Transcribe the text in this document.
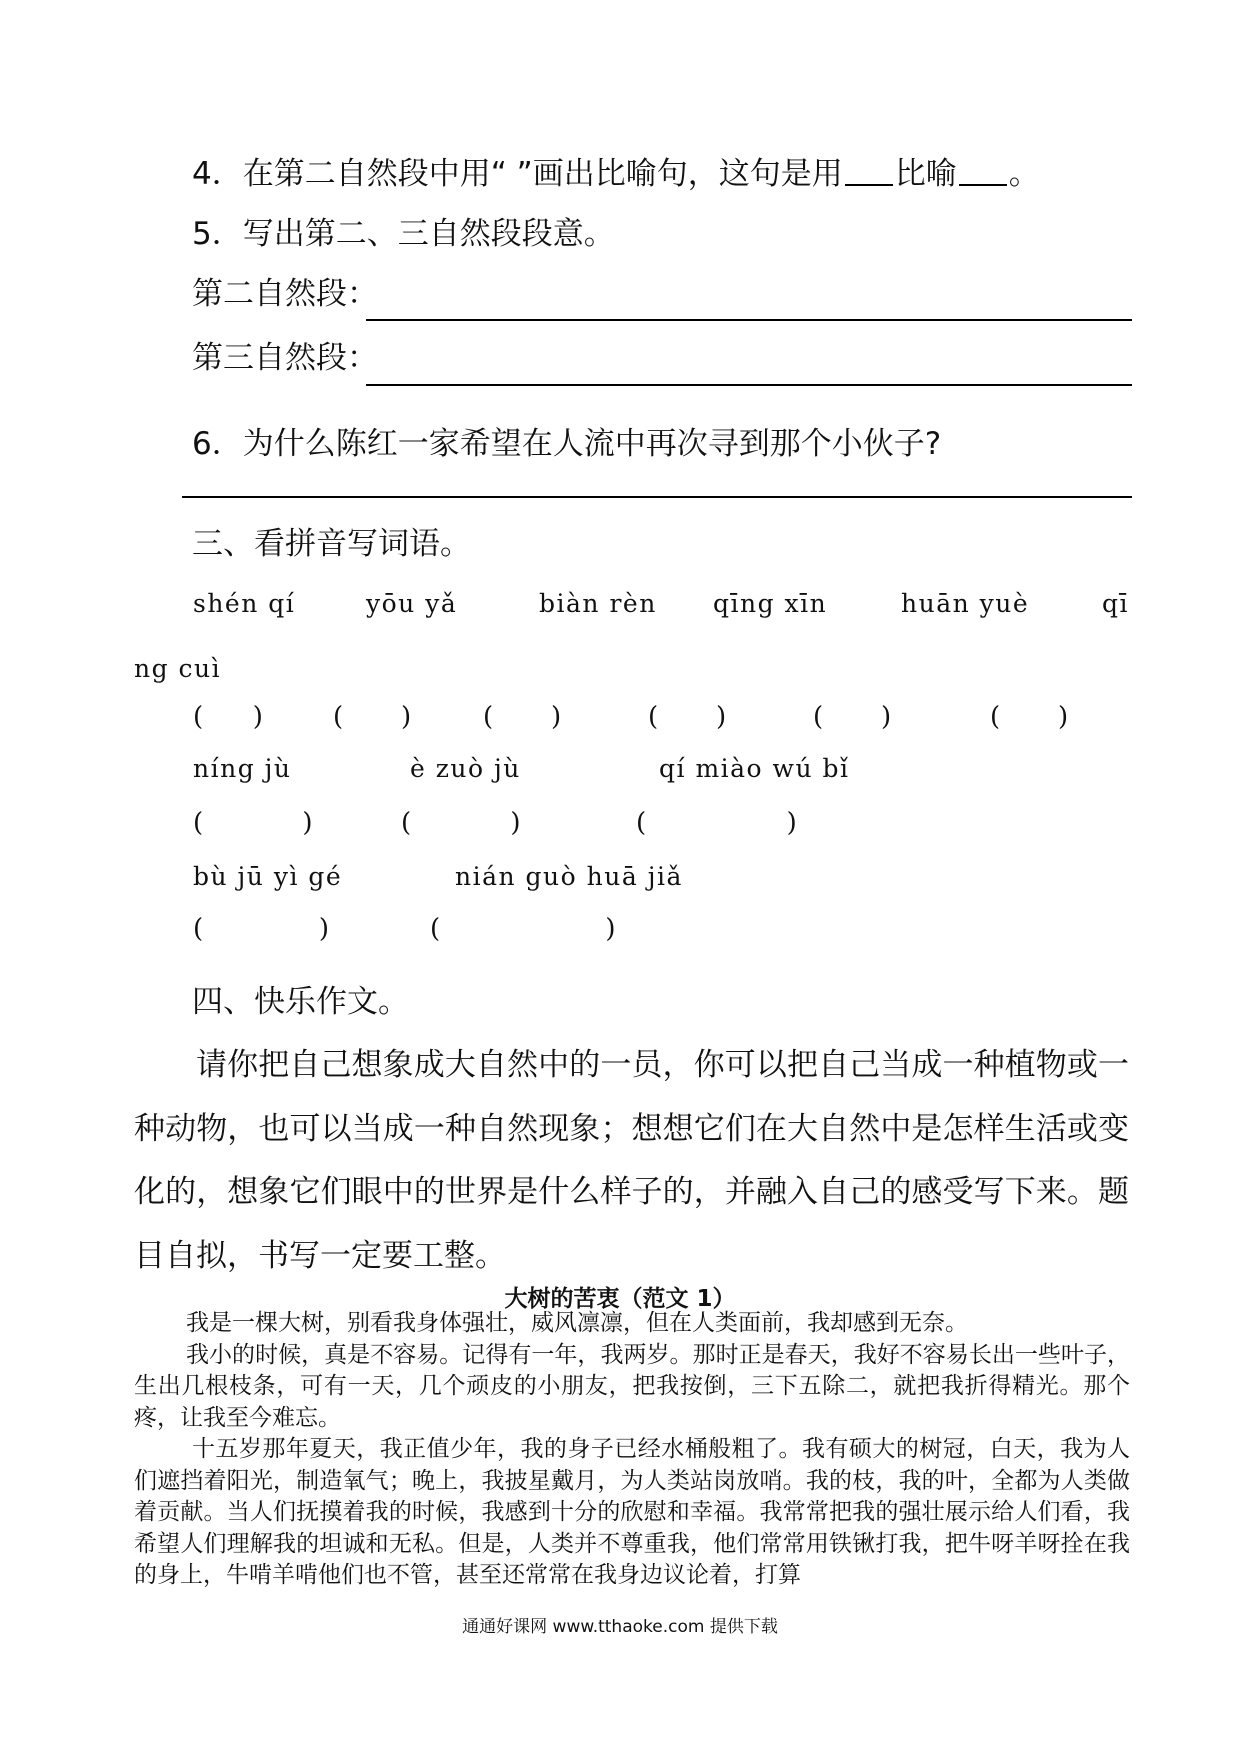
4．在第二自然段中用“ ”画出比喻句，这句是用 比喻 。
5．写出第二、三自然段段意。
第二自然段：
第三自然段：
6．为什么陈红一家希望在人流中再次寻到那个小伙子?
三、看拼音写词语。
shén qí	yōu yǎ	biàn rèn qīng xīn	huān yuè	qī
ng cuì
(      )	(       )	(       )	(       )	(       )	(       )
níng jù	è zuò jù	qí miào wú bǐ
(            )	(            )	(                 )
bù jū yì gé	nián guò huā jiǎ
(              )	(                    )
四、快乐作文。

请你把自己想象成大自然中的一员，你可以把自己当成一种植物或一种动物，也可以当成一种自然现象；想想它们在大自然中是怎样生活或变化的，想象它们眼中的世界是什么样子的，并融入自己的感受写下来。题目自拟，书写一定要工整。

大树的苦衷（范文 1）

我是一棵大树，别看我身体强壮，威风凛凛，但在人类面前，我却感到无奈。

我小的时候，真是不容易。记得有一年，我两岁。那时正是春天，我好不容易长出一些叶子，生出几根枝条，可有一天，几个顽皮的小朋友，把我按倒，三下五除二，就把我折得精光。那个疼，让我至今难忘。

十五岁那年夏天，我正值少年，我的身子已经水桶般粗了。我有硕大的树冠，白天，我为人们遮挡着阳光，制造氧气；晚上，我披星戴月，为人类站岗放哨。我的枝，我的叶，全都为人类做着贡献。当人们抚摸着我的时候，我感到十分的欣慰和幸福。我常常把我的强壮展示给人们看，我希望人们理解我的坦诚和无私。但是，人类并不尊重我，他们常常用铁锹打我，把牛呀羊呀拴在我的身上，牛啃羊啃他们也不管，甚至还常常在我身边议论着，打算

通通好课网 www.tthaoke.com 提供下载
